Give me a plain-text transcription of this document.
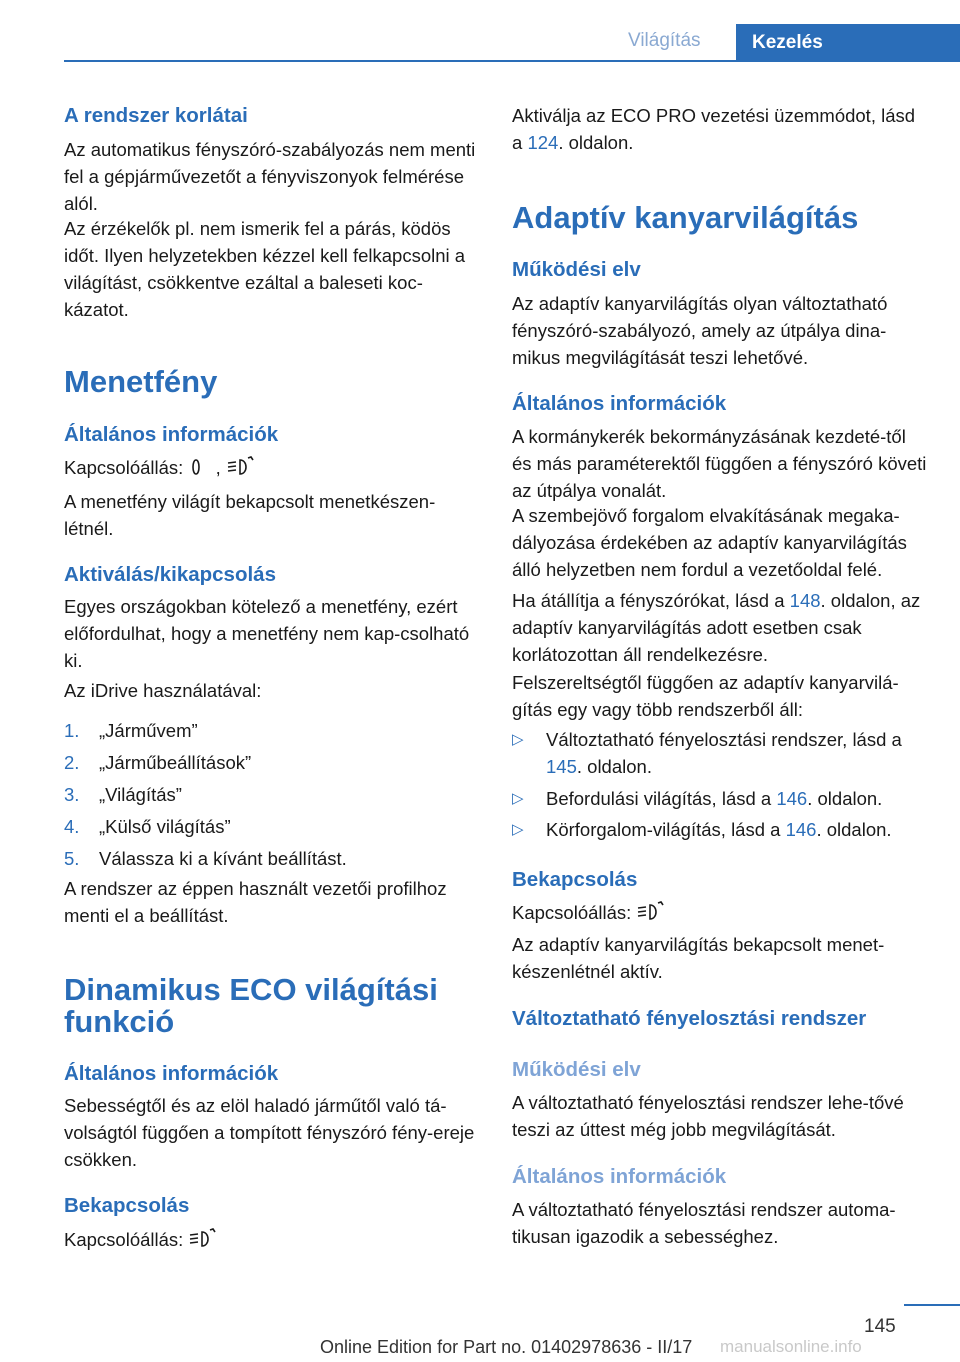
Világítás	Kezelés
A rendszer korlátai

Az automatikus fényszóró-szabályozás nem menti fel a gépjárművezetőt a fényviszonyok felmérése alól.

Az érzékelők pl. nem ismerik fel a párás, ködös időt. Ilyen helyzetekben kézzel kell felkapcsolni a világítást, csökkentve ezáltal a baleseti koc‐kázatot.

Menetfény
Általános információk
Kapcsolóállás: ,

A menetfény világít bekapcsolt menetkészen‐létnél.

Aktiválás/kikapcsolás

Egyes országokban kötelező a menetfény, ezért előfordulhat, hogy a menetfény nem kap‐csolható ki.

Az iDrive használatával:

1. „Járművem”
2. „Járműbeállítások”
3. „Világítás”
4. „Külső világítás”
5. Válassza ki a kívánt beállítást.

A rendszer az éppen használt vezetői profilhoz menti el a beállítást.

Dinamikus ECO világítási
funkció
Általános információk

Sebességtől és az elöl haladó járműtől való tá‐volságtól függően a tompított fényszóró fény‐ereje csökken.

Bekapcsolás
Kapcsolóállás:

Aktiválja az ECO PRO vezetési üzemmódot, lásd a 124. oldalon.

Adaptív kanyarvilágítás
Működési elv

Az adaptív kanyarvilágítás olyan változtatható fényszóró-szabályozó, amely az útpálya dina‐mikus megvilágítását teszi lehetővé.

Általános információk

A kormánykerék bekormányzásának kezdeté‐től és más paraméterektől függően a fényszóró követi az útpálya vonalát.

A szembejövő forgalom elvakításának megaka‐dályozása érdekében az adaptív kanyarvilágítás álló helyzetben nem fordul a vezetőoldal felé.

Ha átállítja a fényszórókat, lásd a 148. oldalon, az adaptív kanyarvilágítás adott esetben csak korlátozottan áll rendelkezésre.

Felszereltségtől függően az adaptív kanyarvilá‐gítás egy vagy több rendszerből áll:

▷ Változtatható fényelosztási rendszer, lásd a 145. oldalon.
▷ Befordulási világítás, lásd a 146. oldalon.
▷ Körforgalom-világítás, lásd a 146. oldalon.
Bekapcsolás
Kapcsolóállás:

Az adaptív kanyarvilágítás bekapcsolt menet‐készenlétnél aktív.

Változtatható fényelosztási rendszer
Működési elv

A változtatható fényelosztási rendszer lehe‐tővé teszi az úttest még jobb megvilágítását.

Általános információk

A változtatható fényelosztási rendszer automa‐tikusan igazodik a sebességhez.

145
Online Edition for Part no. 01402978636 - II/17 manualsonline.info
